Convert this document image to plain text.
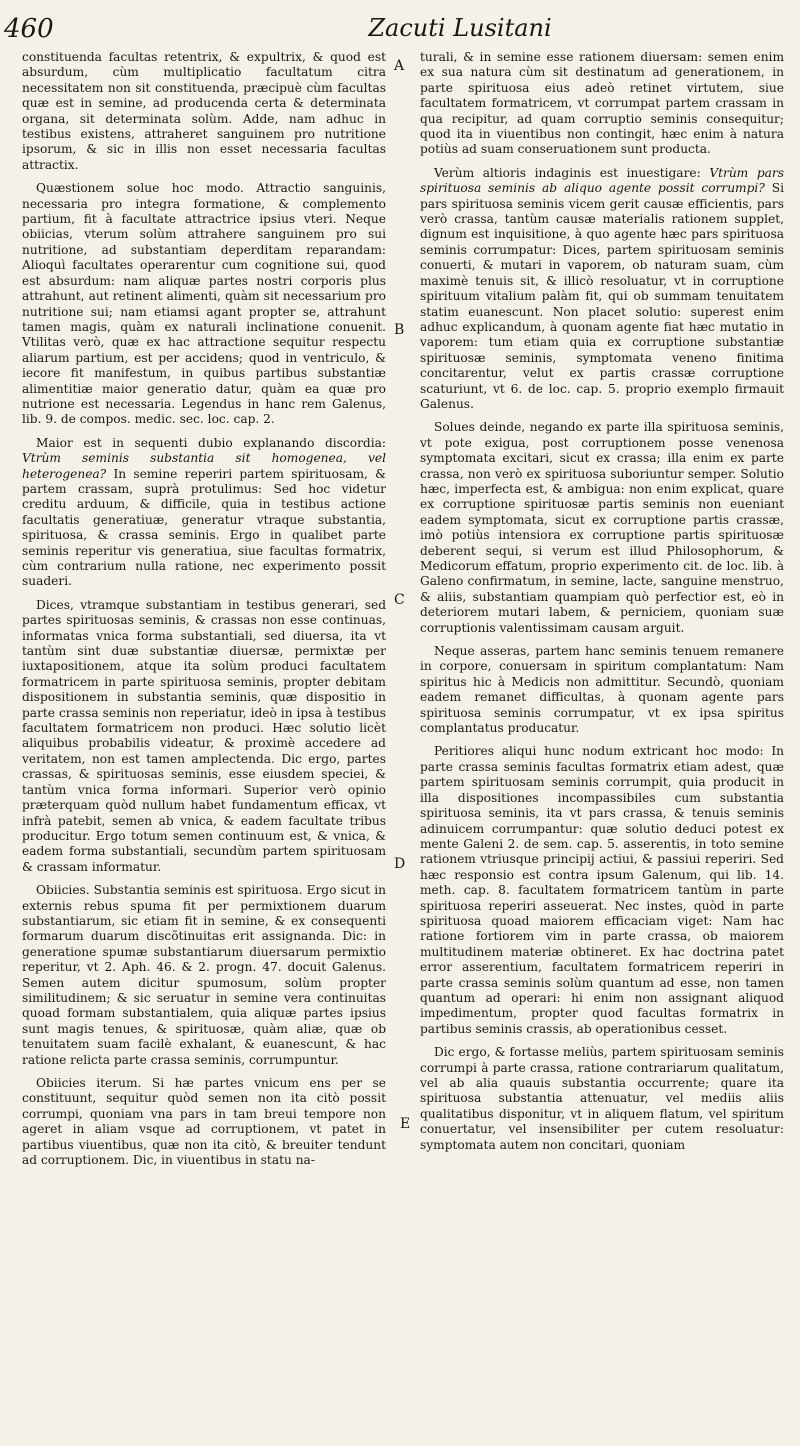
460	Zacuti Lusitani
A
B
C
D
E

constituenda facultas retentrix, & expultrix, & quod est absurdum, cùm multiplicatio facultatum citra necessitatem non sit constituenda, præcipuè cùm facultas quæ est in semine, ad producenda certa & determinata organa, sit determinata solùm. Adde, nam adhuc in testibus existens, attraheret sanguinem pro nutritione ipsorum, & sic in illis non esset necessaria facultas attractix.

Quæstionem solue hoc modo. Attractio sanguinis, necessaria pro integra formatione, & complemento partium, fit à facultate attractrice ipsius vteri. Neque obiicias, vterum solùm attrahere sanguinem pro sui nutritione, ad substantiam deperditam reparandam: Alioquì facultates operarentur cum cognitione sui, quod est absurdum: nam aliquæ partes nostri corporis plus attrahunt, aut retinent alimenti, quàm sit necessarium pro nutritione sui; nam etiamsi agant propter se, attrahunt tamen magis, quàm ex naturali inclinatione conuenit. Vtilitas verò, quæ ex hac attractione sequitur respectu aliarum partium, est per accidens; quod in ventriculo, & iecore fit manifestum, in quibus partibus substantiæ alimentitiæ maior generatio datur, quàm ea quæ pro nutrione est necessaria. Legendus in hanc rem Galenus, lib. 9. de compos. medic. sec. loc. cap. 2.

Maior est in sequenti dubio explanando discordia: Vtrùm seminis substantia sit homogenea, vel heterogenea? In semine reperiri partem spirituosam, & partem crassam, suprà protulimus: Sed hoc videtur creditu arduum, & difficile, quia in testibus actione facultatis generatiuæ, generatur vtraque substantia, spirituosa, & crassa seminis. Ergo in qualibet parte seminis reperitur vis generatiua, siue facultas formatrix, cùm contrarium nulla ratione, nec experimento possit suaderi.

Dices, vtramque substantiam in testibus generari, sed partes spirituosas seminis, & crassas non esse continuas, informatas vnica forma substantiali, sed diuersa, ita vt tantùm sint duæ substantiæ diuersæ, permixtæ per iuxtapositionem, atque ita solùm produci facultatem formatricem in parte spirituosa seminis, propter debitam dispositionem in substantia seminis, quæ dispositio in parte crassa seminis non reperiatur, ideò in ipsa à testibus facultatem formatricem non produci. Hæc solutio licèt aliquibus probabilis videatur, & proximè accedere ad veritatem, non est tamen amplectenda. Dic ergo, partes crassas, & spirituosas seminis, esse eiusdem speciei, & tantùm vnica forma informari. Superior verò opinio præterquam quòd nullum habet fundamentum efficax, vt infrà patebit, semen ab vnica, & eadem facultate tribus producitur. Ergo totum semen continuum est, & vnica, & eadem forma substantiali, secundùm partem spirituosam & crassam informatur.

Obiicies. Substantia seminis est spirituosa. Ergo sicut in externis rebus spuma fit per permixtionem duarum substantiarum, sic etiam fit in semine, & ex consequenti formarum duarum discõtinuitas erit assignanda. Dic: in generatione spumæ substantiarum diuersarum permixtio reperitur, vt 2. Aph. 46. & 2. progn. 47. docuit Galenus. Semen autem dicitur spumosum, solùm propter similitudinem; & sic seruatur in semine vera continuitas quoad formam substantialem, quia aliquæ partes ipsius sunt magis tenues, & spirituosæ, quàm aliæ, quæ ob tenuitatem suam facilè exhalant, & euanescunt, & hac ratione relicta parte crassa seminis, corrumpuntur.

Obiicies iterum. Si hæ partes vnicum ens per se constituunt, sequitur quòd semen non ita citò possit corrumpi, quoniam vna pars in tam breui tempore non ageret in aliam vsque ad corruptionem, vt patet in partibus viuentibus, quæ non ita citò, & breuiter tendunt ad corruptionem. Dic, in viuentibus in statu na-

turali, & in semine esse rationem diuersam: semen enim ex sua natura cùm sit destinatum ad generationem, in parte spirituosa eius adeò retinet virtutem, siue facultatem formatricem, vt corrumpat partem crassam in qua recipitur, ad quam corruptio seminis consequitur; quod ita in viuentibus non contingit, hæc enim à natura potiùs ad suam conseruationem sunt producta.

Verùm altioris indaginis est inuestigare: Vtrùm pars spirituosa seminis ab aliquo agente possit corrumpi? Si pars spirituosa seminis vicem gerit causæ efficientis, pars verò crassa, tantùm causæ materialis rationem supplet, dignum est inquisitione, à quo agente hæc pars spirituosa seminis corrumpatur: Dices, partem spirituosam seminis conuerti, & mutari in vaporem, ob naturam suam, cùm maximè tenuis sit, & illicò resoluatur, vt in corruptione spirituum vitalium palàm fit, qui ob summam tenuitatem statim euanescunt. Non placet solutio: superest enim adhuc explicandum, à quonam agente fiat hæc mutatio in vaporem: tum etiam quia ex corruptione substantiæ spirituosæ seminis, symptomata veneno finitima concitarentur, velut ex partis crassæ corruptione scaturiunt, vt 6. de loc. cap. 5. proprio exemplo firmauit Galenus.

Solues deinde, negando ex parte illa spirituosa seminis, vt pote exigua, post corruptionem posse venenosa symptomata excitari, sicut ex crassa; illa enim ex parte crassa, non verò ex spirituosa suboriuntur semper. Solutio hæc, imperfecta est, & ambigua: non enim explicat, quare ex corruptione spirituosæ partis seminis non eueniant eadem symptomata, sicut ex corruptione partis crassæ, imò potiùs intensiora ex corruptione partis spirituosæ deberent sequi, si verum est illud Philosophorum, & Medicorum effatum, proprio experimento cit. de loc. lib. à Galeno confirmatum, in semine, lacte, sanguine menstruo, & aliis, substantiam quampiam quò perfectior est, eò in deteriorem mutari labem, & perniciem, quoniam suæ corruptionis valentissimam causam arguit.

Neque asseras, partem hanc seminis tenuem remanere in corpore, conuersam in spiritum complantatum: Nam spiritus hic à Medicis non admittitur. Secundò, quoniam eadem remanet difficultas, à quonam agente pars spirituosa seminis corrumpatur, vt ex ipsa spiritus complantatus producatur.

Peritiores aliqui hunc nodum extricant hoc modo: In parte crassa seminis facultas formatrix etiam adest, quæ partem spirituosam seminis corrumpit, quia producit in illa dispositiones incompassibiles cum substantia spirituosa seminis, ita vt pars crassa, & tenuis seminis adinuicem corrumpantur: quæ solutio deduci potest ex mente Galeni 2. de sem. cap. 5. asserentis, in toto semine rationem vtriusque principij actiui, & passiui reperiri. Sed hæc responsio est contra ipsum Galenum, qui lib. 14. meth. cap. 8. facultatem formatricem tantùm in parte spirituosa reperiri asseuerat. Nec instes, quòd in parte spirituosa quoad maiorem efficaciam viget: Nam hac ratione fortiorem vim in parte crassa, ob maiorem multitudinem materiæ obtineret. Ex hac doctrina patet error asserentium, facultatem formatricem reperiri in parte crassa seminis solùm quantum ad esse, non tamen quantum ad operari: hi enim non assignant aliquod impedimentum, propter quod facultas formatrix in partibus seminis crassis, ab operationibus cesset.

Dic ergo, & fortasse meliùs, partem spirituosam seminis corrumpi à parte crassa, ratione contrariarum qualitatum, vel ab alia quauis substantia occurrente; quare ita spirituosa substantia attenuatur, vel mediis aliis qualitatibus disponitur, vt in aliquem flatum, vel spiritum conuertatur, vel insensibiliter per cutem resoluatur: symptomata autem non concitari, quoniam
